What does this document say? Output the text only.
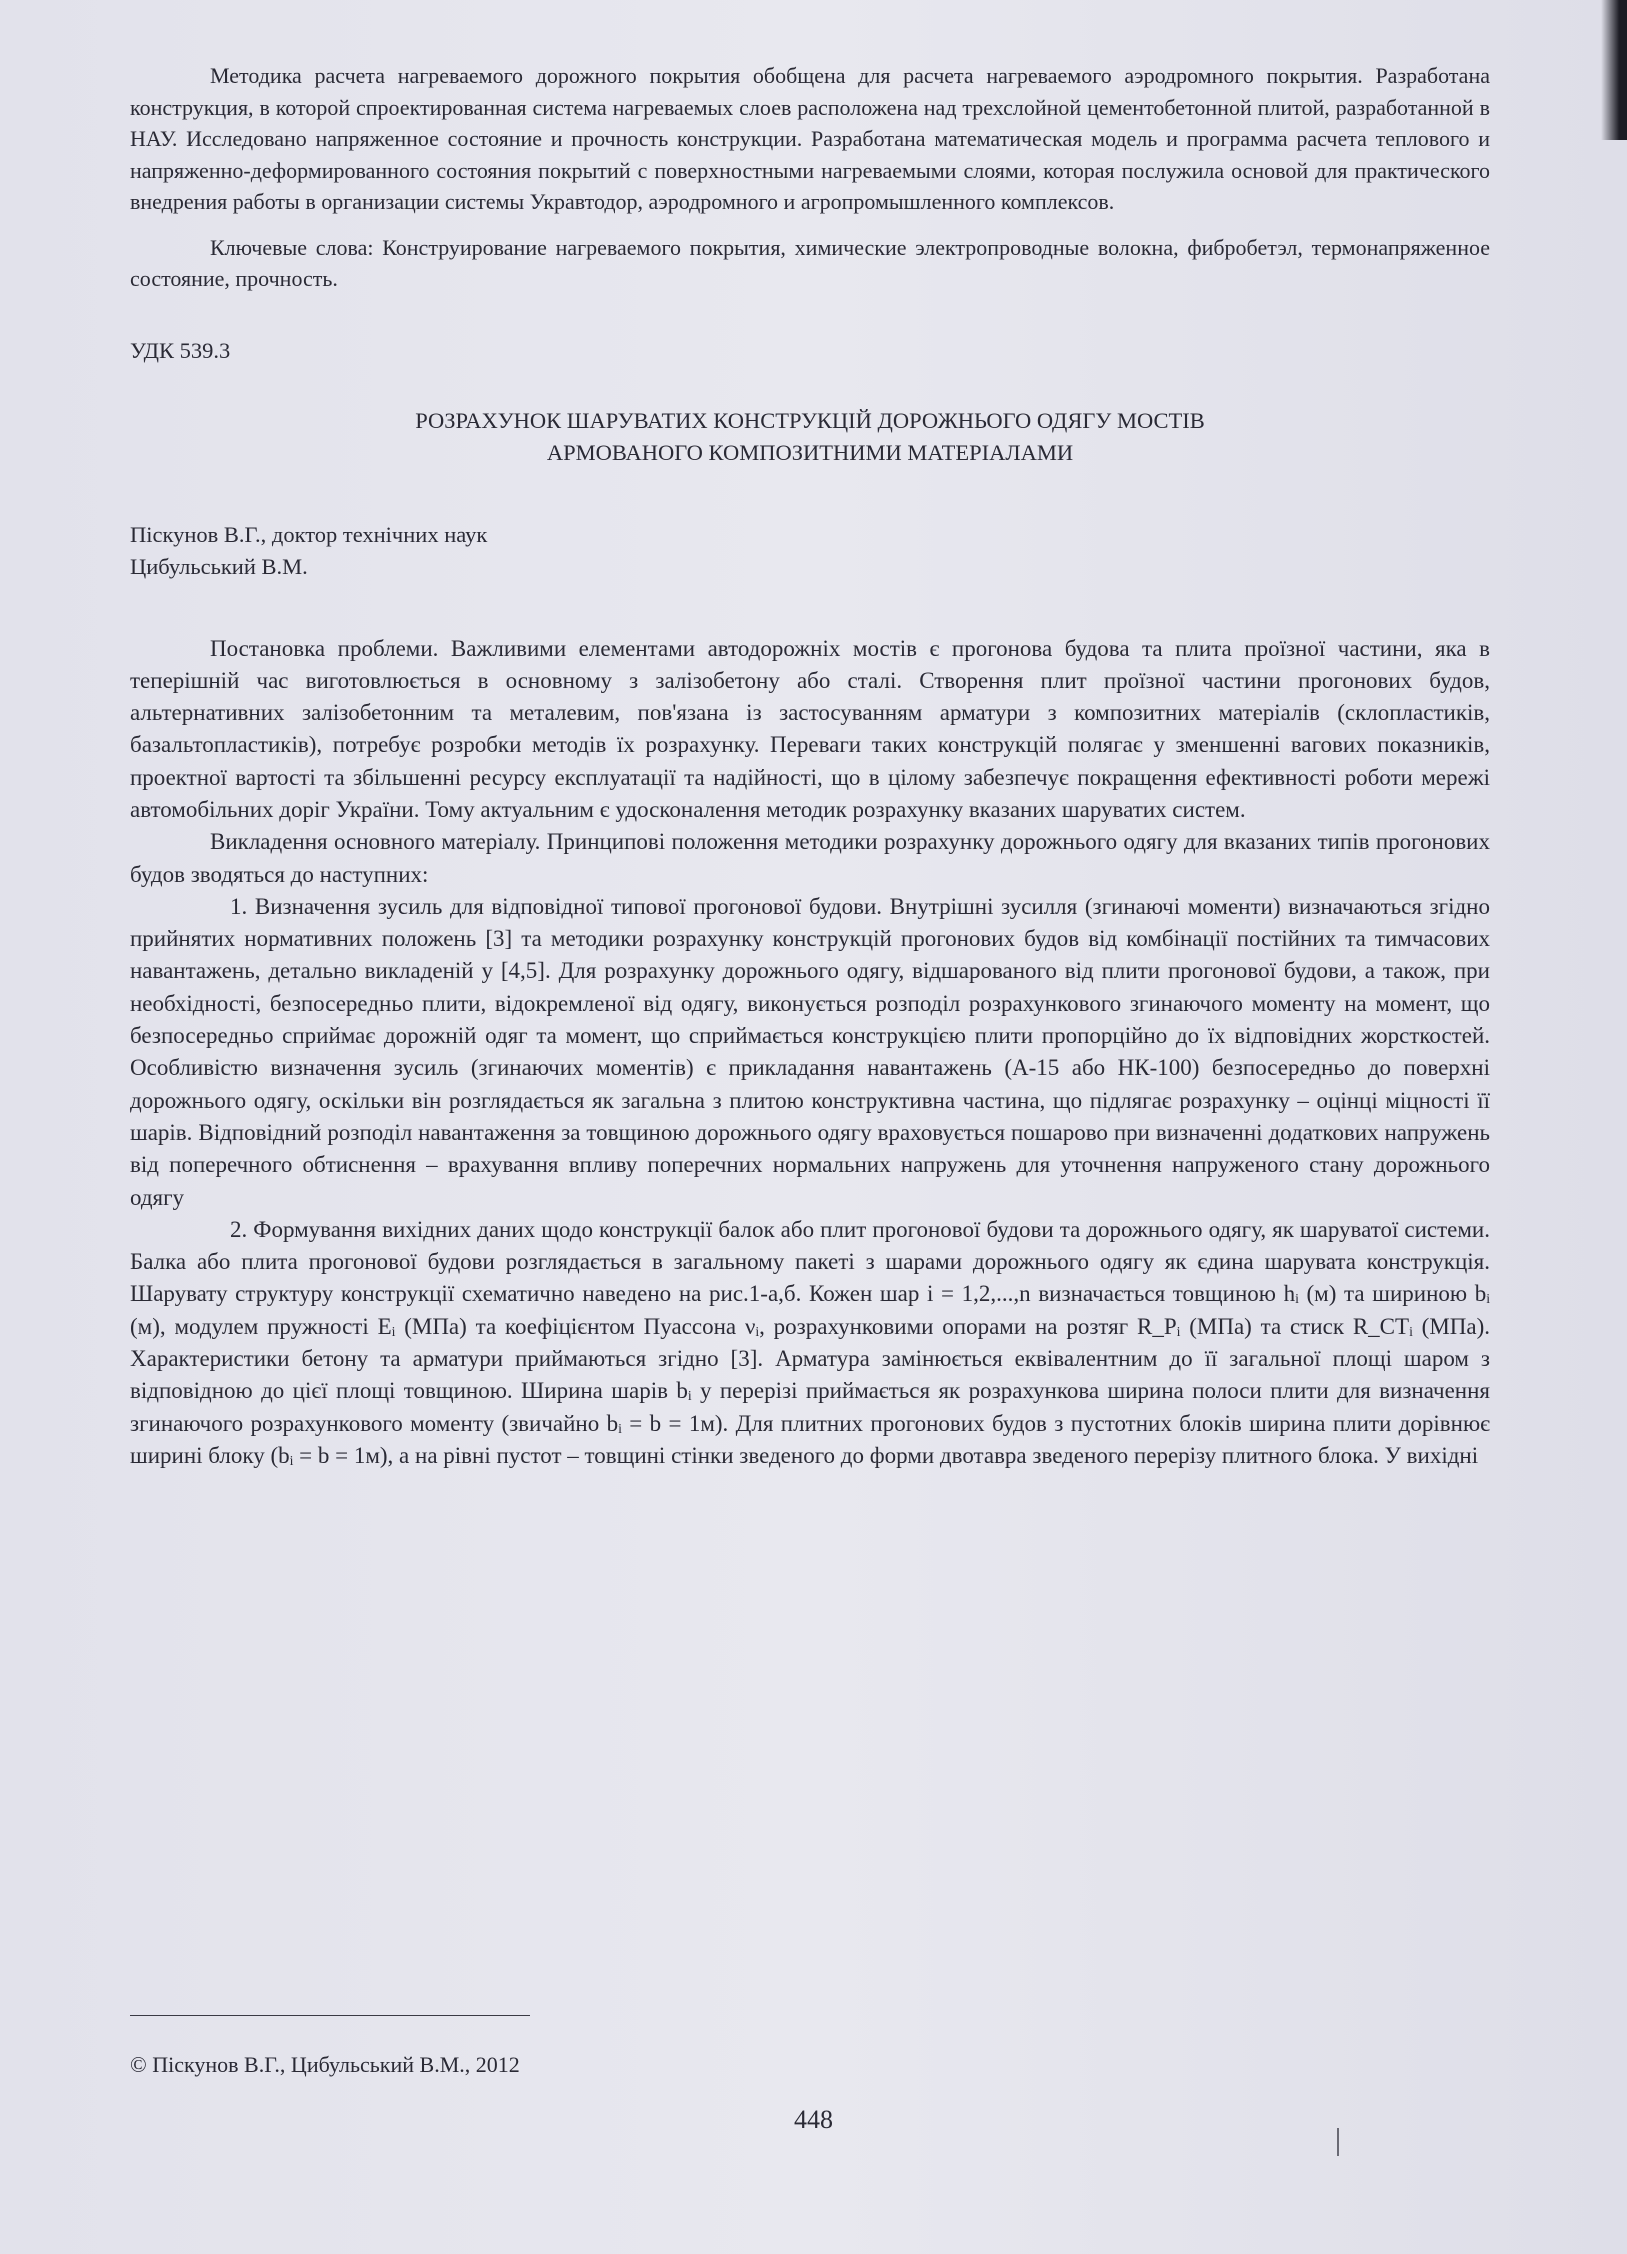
Методика расчета нагреваемого дорожного покрытия обобщена для расчета нагреваемого аэродромного покрытия. Разработана конструкция, в которой спроектированная система нагреваемых слоев расположена над трехслойной цементобетонной плитой, разработанной в НАУ. Исследовано напряженное состояние и прочность конструкции. Разработана математическая модель и программа расчета теплового и напряженно-деформированного состояния покрытий с поверхностными нагреваемыми слоями, которая послужила основой для практического внедрения работы в организации системы Укравтодор, аэродромного и агропромышленного комплексов.

Ключевые слова: Конструирование нагреваемого покрытия, химические электропроводные волокна, фибробетэл, термонапряженное состояние, прочность.

УДК 539.3

РОЗРАХУНОК ШАРУВАТИХ КОНСТРУКЦІЙ ДОРОЖНЬОГО ОДЯГУ МОСТІВ
АРМОВАНОГО КОМПОЗИТНИМИ МАТЕРІАЛАМИ
Піскунов В.Г., доктор технічних наук
Цибульський В.М.

Постановка проблеми. Важливими елементами автодорожніх мостів є прогонова будова та плита проїзної частини, яка в теперішній час виготовлюється в основному з залізобетону або сталі. Створення плит проїзної частини прогонових будов, альтернативних залізобетонним та металевим, пов'язана із застосуванням арматури з композитних матеріалів (склопластиків, базальтопластиків), потребує розробки методів їх розрахунку. Переваги таких конструкцій полягає у зменшенні вагових показників, проектної вартості та збільшенні ресурсу експлуатації та надійності, що в цілому забезпечує покращення ефективності роботи мережі автомобільних доріг України. Тому актуальним є удосконалення методик розрахунку вказаних шаруватих систем.

Викладення основного матеріалу. Принципові положення методики розрахунку дорожнього одягу для вказаних типів прогонових будов зводяться до наступних:

1. Визначення зусиль для відповідної типової прогонової будови. Внутрішні зусилля (згинаючі моменти) визначаються згідно прийнятих нормативних положень [3] та методики розрахунку конструкцій прогонових будов від комбінації постійних та тимчасових навантажень, детально викладеній у [4,5]. Для розрахунку дорожнього одягу, відшарованого від плити прогонової будови, а також, при необхідності, безпосередньо плити, відокремленої від одягу, виконується розподіл розрахункового згинаючого моменту на момент, що безпосередньо сприймає дорожній одяг та момент, що сприймається конструкцією плити пропорційно до їх відповідних жорсткостей. Особливістю визначення зусиль (згинаючих моментів) є прикладання навантажень (А-15 або НК-100) безпосередньо до поверхні дорожнього одягу, оскільки він розглядається як загальна з плитою конструктивна частина, що підлягає розрахунку – оцінці міцності її шарів. Відповідний розподіл навантаження за товщиною дорожнього одягу враховується пошарово при визначенні додаткових напружень від поперечного обтиснення – врахування впливу поперечних нормальних напружень для уточнення напруженого стану дорожнього одягу

2. Формування вихідних даних щодо конструкції балок або плит прогонової будови та дорожнього одягу, як шаруватої системи. Балка або плита прогонової будови розглядається в загальному пакеті з шарами дорожнього одягу як єдина шарувата конструкція. Шарувату структуру конструкції схематично наведено на рис.1-а,б. Кожен шар i = 1,2,...,n визначається товщиною hᵢ (м) та шириною bᵢ (м), модулем пружності Eᵢ (МПа) та коефіцієнтом Пуассона νᵢ, розрахунковими опорами на розтяг R_Pᵢ (МПа) та стиск R_CTᵢ (МПа). Характеристики бетону та арматури приймаються згідно [3]. Арматура замінюється еквівалентним до її загальної площі шаром з відповідною до цієї площі товщиною. Ширина шарів bᵢ у перерізі приймається як розрахункова ширина полоси плити для визначення згинаючого розрахункового моменту (звичайно bᵢ = b = 1м). Для плитних прогонових будов з пустотних блоків ширина плити дорівнює ширині блоку (bᵢ = b = 1м), а на рівні пустот – товщині стінки зведеного до форми двотавра зведеного перерізу плитного блока. У вихідні

© Піскунов В.Г., Цибульський В.М., 2012
448
